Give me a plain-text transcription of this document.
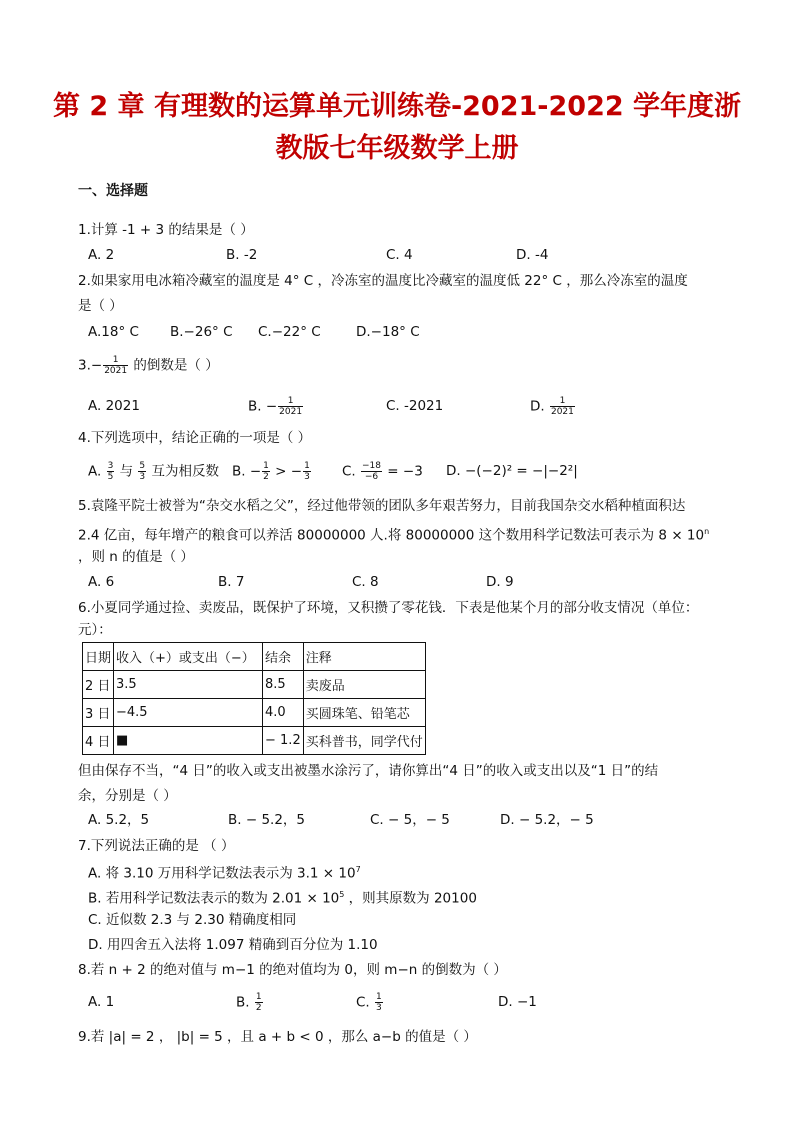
第 2 章 有理数的运算单元训练卷-2021-2022 学年度浙
教版七年级数学上册
一、选择题
1.计算 -1 + 3 的结果是（ ）
A. 2	B. -2	C. 4	D. -4
2.如果家用电冰箱冷藏室的温度是 4° C ，冷冻室的温度比冷藏室的温度低 22° C ，那么冷冻室的温度
是（ ）
A.18° C B.−26° C C.−22° C	D.−18° C
$3.- \frac{1}{2021}$ 的倒数是（ ）
A. 2021	B. − $\frac{1}{2021}$	C. -2021	D. $\frac{1}{2021}$
4.下列选项中，结论正确的一项是（ ）
A. $\frac{3}{5}$ 与 $\frac{5}{3}$ 互为相反数 B. − $\frac{1}{2}$ > − $\frac{1}{3} C$. $\frac{-18}{-6} = -3$ D. −(−2)² = −|−2²|
5.袁隆平院士被誉为“杂交水稻之父”，经过他带领的团队多年艰苦努力，目前我国杂交水稻种植面积达
2.4 亿亩，每年增产的粮食可以养活 80000000 人.将 80000000 这个数用科学记数法可表示为 $8 \times 10^n$
，则 n 的值是（ ）
A. 6	B. 7	C. 8	D. 9
6.小夏同学通过捡、卖废品，既保护了环境，又积攒了零花钱．下表是他某个月的部分收支情况（单位：
元）：
日期	收入（+）或支出（−）	结余	注释
2 日	3.5	8.5	卖废品
3 日	−4.5	4.0	买圆珠笔、铅笔芯
4 日	■	− 1.2	买科普书，同学代付
但由保存不当，“4 日”的收入或支出被墨水涂污了，请你算出“4 日”的收入或支出以及“1 日”的结
余，分别是（ ）
A. 5.2，5	B. − 5.2，5	C. − 5，− 5	D. − 5.2，− 5
7.下列说法正确的是 （ ）
A. 将 3.10 万用科学记数法表示为 $3.1 \times 10^7$
B. 若用科学记数法表示的数为 $2.01 \times 10^5$ ，则其原数为 20100
C. 近似数 2.3 与 2.30 精确度相同
D. 用四舍五入法将 1.097 精确到百分位为 1.10
8.若 n + 2 的绝对值与 m−1 的绝对值均为 0，则 m−n 的倒数为（ ）
A. 1	B. $\frac{1}{2}$	C. $\frac{1}{3}$	D. −1
9.若 |a| = 2 ， |b| = 5 ，且 a + b < 0 ，那么 a−b 的值是（ ）
